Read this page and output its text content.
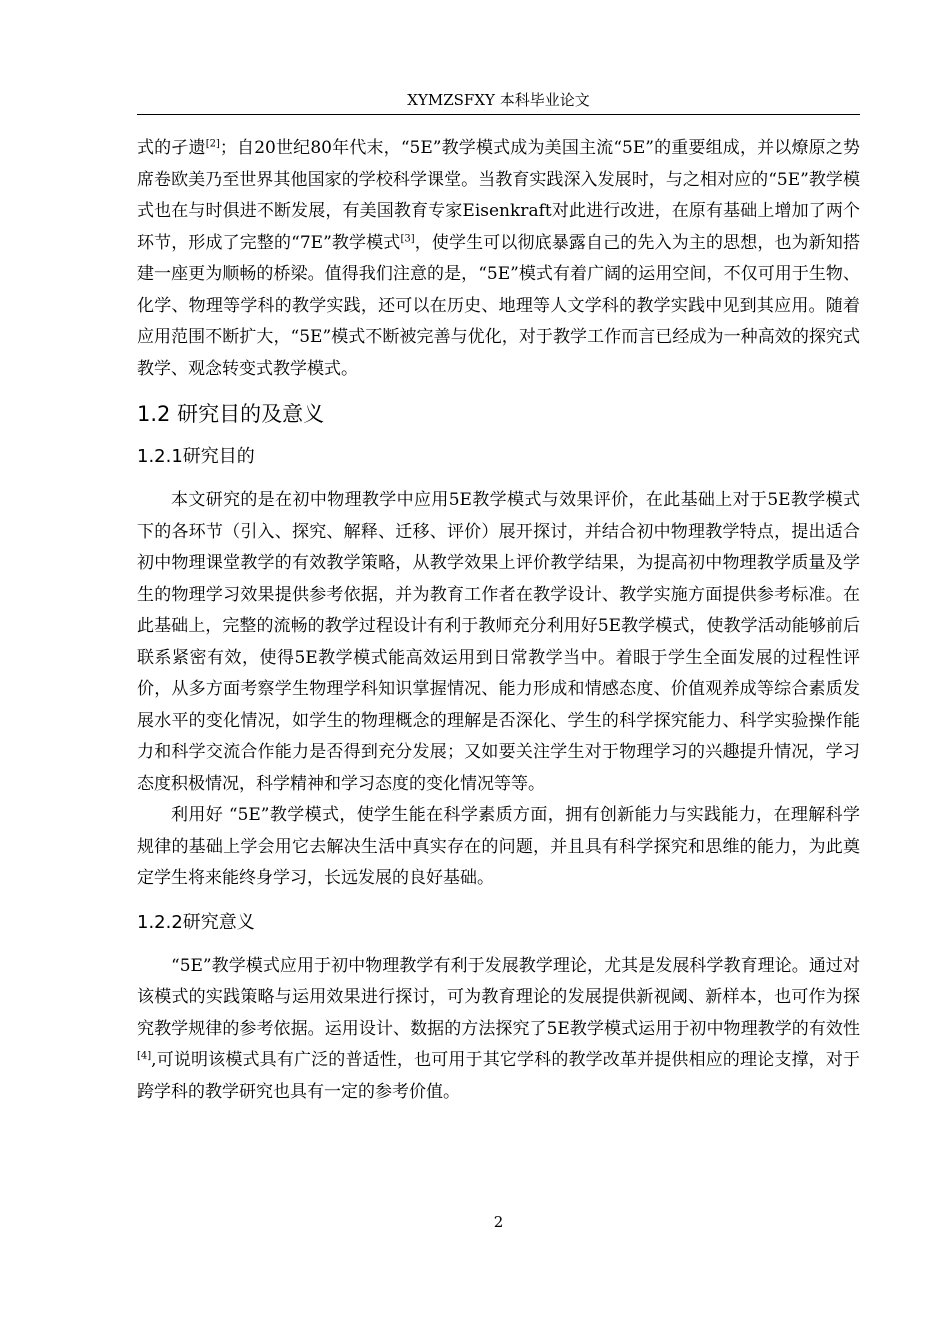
XYMZSFXY 本科毕业论文

式的孑遗[2]；自20世纪80年代末，“5E”教学模式成为美国主流“5E”的重要组成，并以燎原之势席卷欧美乃至世界其他国家的学校科学课堂。当教育实践深入发展时，与之相对应的“5E”教学模式也在与时俱进不断发展，有美国教育专家Eisenkraft对此进行改进，在原有基础上增加了两个环节，形成了完整的“7E”教学模式[3]，使学生可以彻底暴露自己的先入为主的思想，也为新知搭建一座更为顺畅的桥梁。值得我们注意的是，“5E”模式有着广阔的运用空间，不仅可用于生物、化学、物理等学科的教学实践，还可以在历史、地理等人文学科的教学实践中见到其应用。随着应用范围不断扩大，“5E”模式不断被完善与优化，对于教学工作而言已经成为一种高效的探究式教学、观念转变式教学模式。

1.2 研究目的及意义
1.2.1研究目的

本文研究的是在初中物理教学中应用5E教学模式与效果评价，在此基础上对于5E教学模式下的各环节（引入、探究、解释、迁移、评价）展开探讨，并结合初中物理教学特点，提出适合初中物理课堂教学的有效教学策略，从教学效果上评价教学结果，为提高初中物理教学质量及学生的物理学习效果提供参考依据，并为教育工作者在教学设计、教学实施方面提供参考标准。在此基础上，完整的流畅的教学过程设计有利于教师充分利用好5E教学模式，使教学活动能够前后联系紧密有效，使得5E教学模式能高效运用到日常教学当中。着眼于学生全面发展的过程性评价，从多方面考察学生物理学科知识掌握情况、能力形成和情感态度、价值观养成等综合素质发展水平的变化情况，如学生的物理概念的理解是否深化、学生的科学探究能力、科学实验操作能力和科学交流合作能力是否得到充分发展；又如要关注学生对于物理学习的兴趣提升情况，学习态度积极情况，科学精神和学习态度的变化情况等等。

利用好 “5E”教学模式，使学生能在科学素质方面，拥有创新能力与实践能力，在理解科学规律的基础上学会用它去解决生活中真实存在的问题，并且具有科学探究和思维的能力，为此奠定学生将来能终身学习，长远发展的良好基础。

1.2.2研究意义

“5E”教学模式应用于初中物理教学有利于发展教学理论，尤其是发展科学教育理论。通过对该模式的实践策略与运用效果进行探讨，可为教育理论的发展提供新视阈、新样本，也可作为探究教学规律的参考依据。运用设计、数据的方法探究了5E教学模式运用于初中物理教学的有效性[4],可说明该模式具有广泛的普适性，也可用于其它学科的教学改革并提供相应的理论支撑，对于跨学科的教学研究也具有一定的参考价值。

2
